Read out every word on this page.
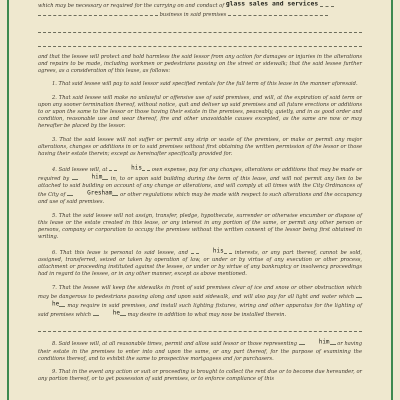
which may be necessary or required for the carrying on and conduct of glass sales and services
business in said premises

and that the lessee will protect and hold harmless the said lessor from any action for damages or injuries in the alterations and repairs to be made, including workmen or pedestrians passing on the street or sidewalk; that the said lessee further agrees, as a consideration of this lease, as follows:

1. That said lessee will pay to said lessor said specified rentals for the full term of this lease in the manner aforesaid.

2. That said lessee will make no unlawful or offensive use of said premises, and will, at the expiration of said term or upon any sooner termination thereof, without notice, quit and deliver up said premises and all future erections or additions to or upon the same to the lessor or those having their estate in the premises, peaceably, quietly, and in as good order and condition, reasonable use and wear thereof, fire and other unavoidable causes excepted, as the same are now or may hereafter be placed by the lessor.

3. That the said lessee will not suffer or permit any strip or waste of the premises, or make or permit any major alterations, changes or additions in or to said premises without first obtaining the written permission of the lessor or those having their estate therein; except as hereinafter specifically provided for.

4. Said lessee will, at	his own expense, pay for any changes, alterations or additions that may be made or required by	him in, to or upon said building during the term of this lease, and will not permit any lien to be attached to said building on account of any change or alterations, and will comply at all times with the City Ordinances of the City of	Gresham or other regulations which may be made with respect to such alterations and the occupancy and use of said premises.

5. That the said lessee will not assign, transfer, pledge, hypothecate, surrender or otherwise encumber or dispose of this lease or the estate created in this lease, or any interest in any portion of the same, or permit any other person or persons, company or corporation to occupy the premises without the written consent of the lessor being first obtained in writing.

6. That this lease is personal to said lessee, and	his interests, or any part thereof, cannot be sold, assigned, transferred, seized or taken by operation of law, or under or by virtue of any execution or other process, attachment or proceeding instituted against the lessee, or under or by virtue of any bankruptcy or insolvency proceedings had in regard to the lessee, or in any other manner, except as above mentioned.

7. That the lessee will keep the sidewalks in front of said premises clear of ice and snow or other obstruction which may be dangerous to pedestrians passing along and upon said sidewalk, and will also pay for all light and water which he may require in said premises, and install such lighting fixtures, wiring and other apparatus for the lighting of said premises which	he may desire in addition to what may now be installed therein.

8. Said lessee will, at all reasonable times, permit and allow said lessor or those representing	him or having their estate in the premises to enter into and upon the same, or any part thereof, for the purpose of examining the conditions thereof, and to exhibit the same to prospective mortgagees and /or purchasers.

9. That in the event any action or suit or proceeding is brought to collect the rent due or to become due hereunder, or any portion thereof, or to get possession of said premises, or to enforce compliance of this
